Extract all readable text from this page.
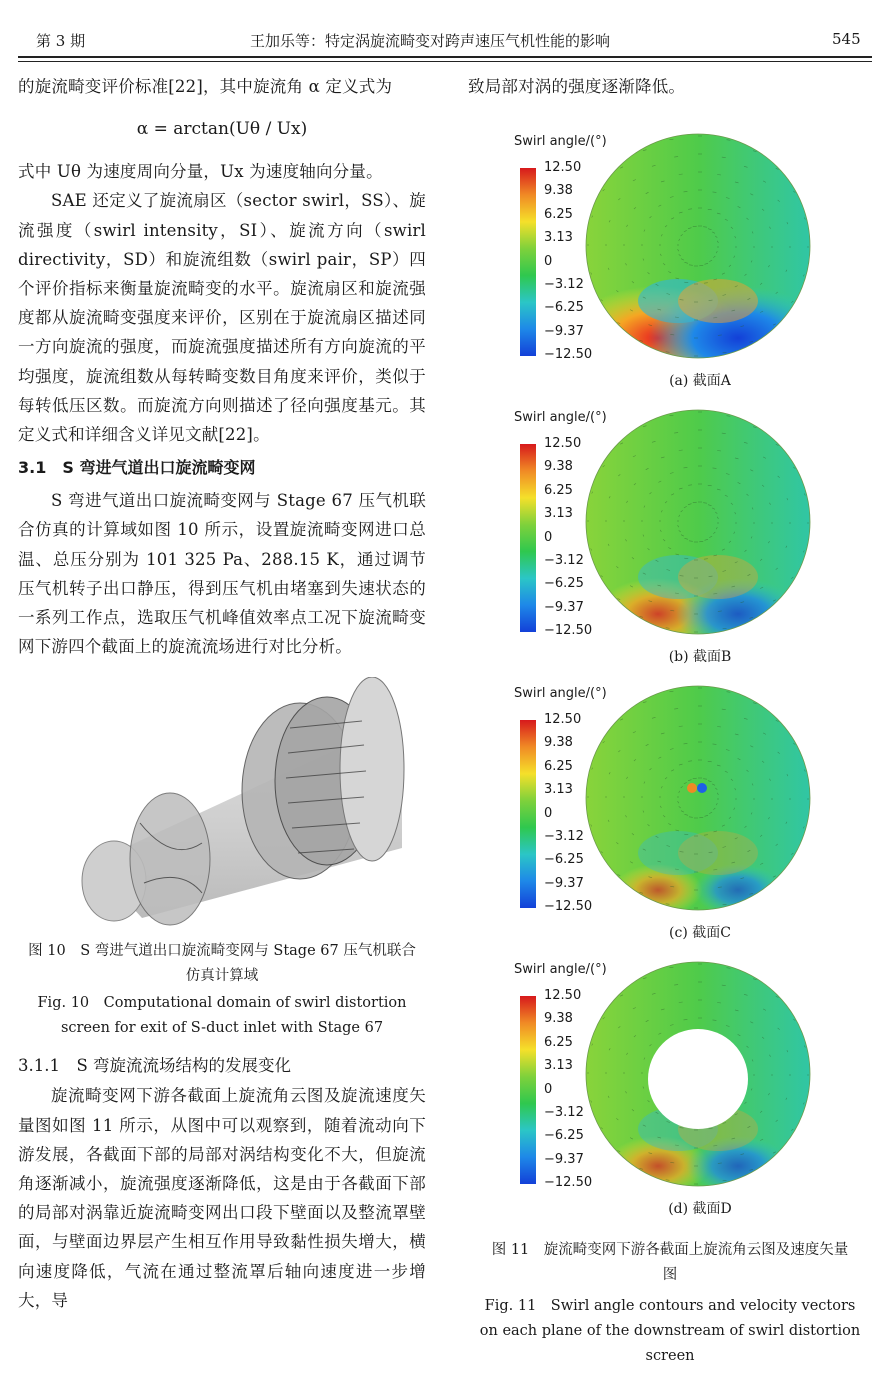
第 3 期	王加乐等：特定涡旋流畸变对跨声速压气机性能的影响	545

的旋流畸变评价标准[22]，其中旋流角 α 定义式为

α = arctan(Uθ / Ux)

式中 Uθ 为速度周向分量，Ux 为速度轴向分量。

SAE 还定义了旋流扇区（sector swirl，SS）、旋流强度（swirl intensity，SI）、旋流方向（swirl directivity，SD）和旋流组数（swirl pair，SP）四个评价指标来衡量旋流畸变的水平。旋流扇区和旋流强度都从旋流畸变强度来评价，区别在于旋流扇区描述同一方向旋流的强度，而旋流强度描述所有方向旋流的平均强度，旋流组数从每转畸变数目角度来评价，类似于每转低压区数。而旋流方向则描述了径向强度基元。其定义式和详细含义详见文献[22]。

3.1　S 弯进气道出口旋流畸变网

S 弯进气道出口旋流畸变网与 Stage 67 压气机联合仿真的计算域如图 10 所示，设置旋流畸变网进口总温、总压分别为 101 325 Pa、288.15 K，通过调节压气机转子出口静压，得到压气机由堵塞到失速状态的一系列工作点，选取压气机峰值效率点工况下旋流畸变网下游四个截面上的旋流流场进行对比分析。

图 10　S 弯进气道出口旋流畸变网与 Stage 67 压气机联合仿真计算域

Fig. 10　Computational domain of swirl distortion screen for exit of S-duct inlet with Stage 67

3.1.1　S 弯旋流流场结构的发展变化

旋流畸变网下游各截面上旋流角云图及旋流速度矢量图如图 11 所示，从图中可以观察到，随着流动向下游发展，各截面下部的局部对涡结构变化不大，但旋流角逐渐减小，旋流强度逐渐降低，这是由于各截面下部的局部对涡靠近旋流畸变网出口段下壁面以及整流罩壁面，与壁面边界层产生相互作用导致黏性损失增大，横向速度降低，气流在通过整流罩后轴向速度进一步增大，导

致局部对涡的强度逐渐降低。

Swirl angle/(°)
12.50
9.38
6.25
3.13
0
−3.12
−6.25
−9.37
−12.50
(a) 截面A
Swirl angle/(°)
12.50
9.38
6.25
3.13
0
−3.12
−6.25
−9.37
−12.50
(b) 截面B
Swirl angle/(°)
12.50
9.38
6.25
3.13
0
−3.12
−6.25
−9.37
−12.50
(c) 截面C
Swirl angle/(°)
12.50
9.38
6.25
3.13
0
−3.12
−6.25
−9.37
−12.50
(d) 截面D

图 11　旋流畸变网下游各截面上旋流角云图及速度矢量图

Fig. 11　Swirl angle contours and velocity vectors on each plane of the downstream of swirl distortion screen
